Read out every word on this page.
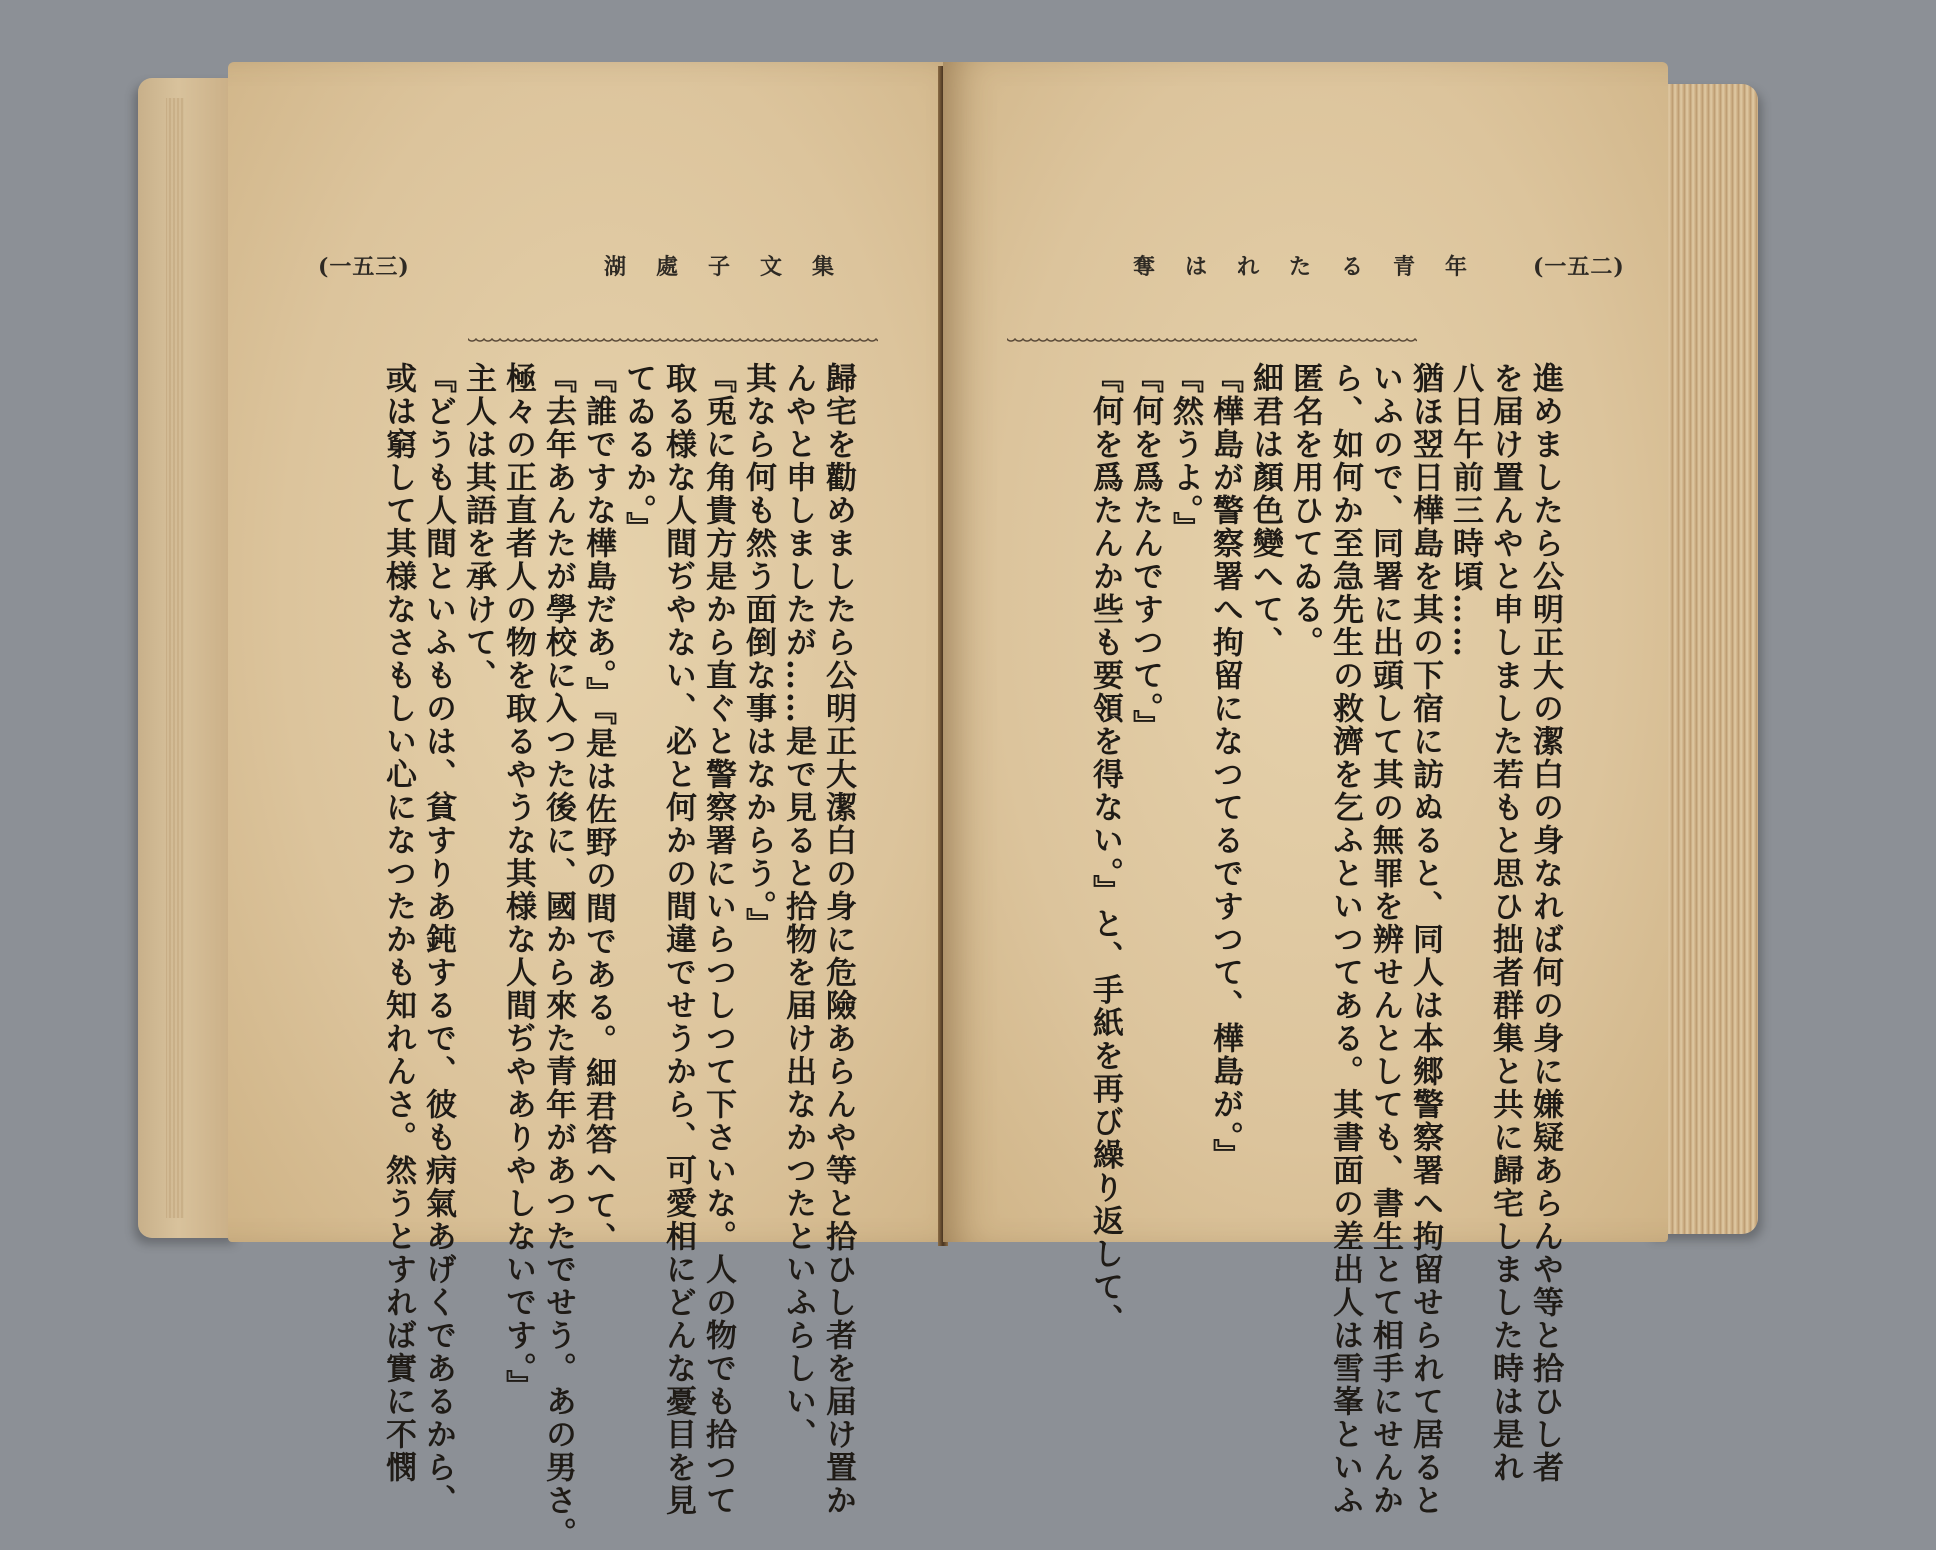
(一五三)	湖處子文集
歸宅を勸めましたら公明正大潔白の身に危險あらんや等と拾ひし者を届け置か
んやと申しましたが……是で見ると拾物を届け出なかつたといふらしい、
其なら何も然う面倒な事はなからう。』
『兎に角貴方是から直ぐと警察署にいらつしつて下さいな。人の物でも拾つて
取る様な人間ぢやない、必と何かの間違でせうから、可愛相にどんな憂目を見
てゐるか。』
『誰ですな樺島だあ。』『是は佐野の間である。細君答へて、
『去年あんたが學校に入つた後に、國から來た青年があつたでせう。あの男さ。
極々の正直者人の物を取るやうな其様な人間ぢやありやしないです。』
主人は其語を承けて、
『どうも人間といふものは、貧すりあ鈍するで、彼も病氣あげくであるから、
或は窮して其様なさもしい心になつたかも知れんさ。然うとすれば實に不憫
奪はれたる青年 (一五二)
進めましたら公明正大の潔白の身なれば何の身に嫌疑あらんや等と拾ひし者
を届け置んやと申しました若もと思ひ拙者群集と共に歸宅しました時は是れ
八日午前三時頃……
猶ほ翌日樺島を其の下宿に訪ぬると、同人は本郷警察署へ拘留せられて居ると
いふので、同署に出頭して其の無罪を辨せんとしても、書生とて相手にせんか
ら、如何か至急先生の救濟を乞ふといつてある。其書面の差出人は雪峯といふ
匿名を用ひてゐる。
細君は顏色變へて、
『樺島が警察署へ拘留になつてるですつて、樺島が。』
『然うよ。』
『何を爲たんですつて。』
『何を爲たんか些も要領を得ない。』と、手紙を再び繰り返して、
